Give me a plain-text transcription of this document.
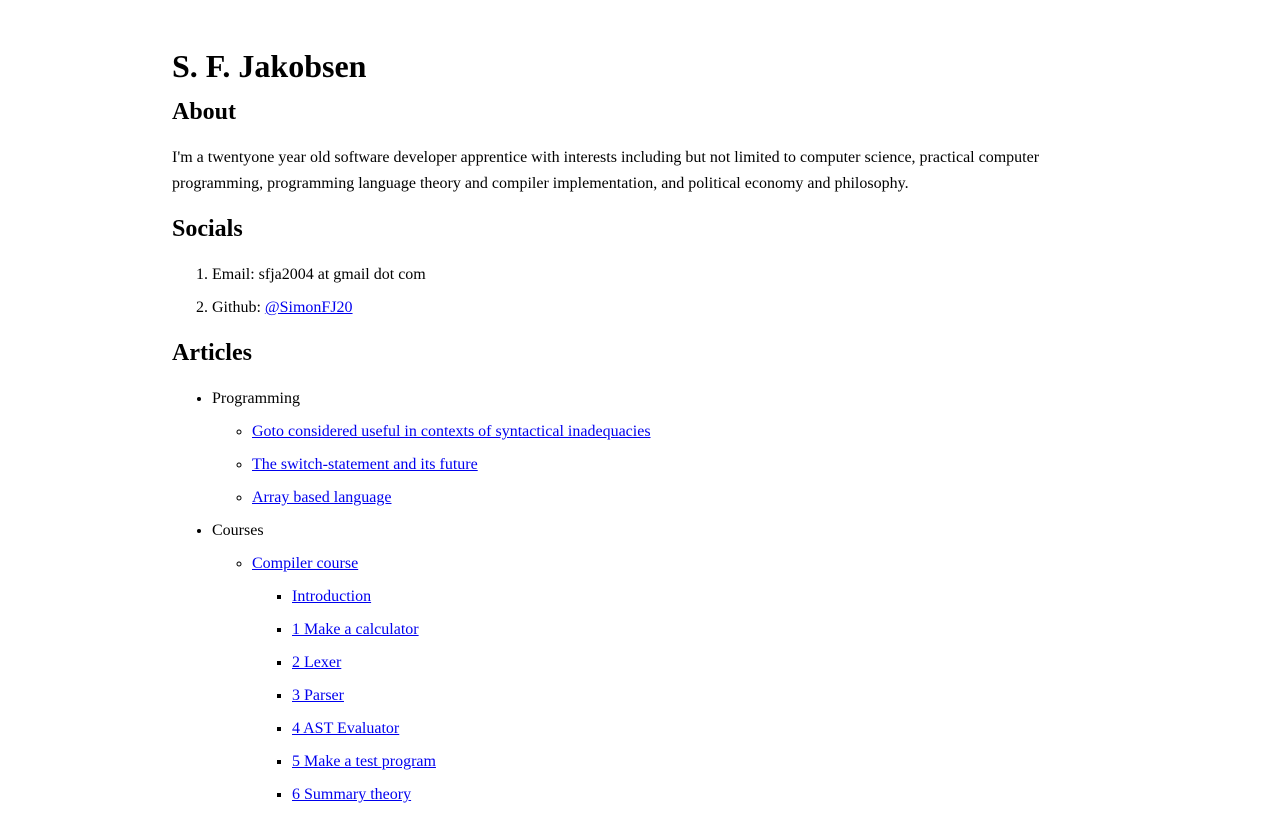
S. F. Jakobsen
About

I'm a twentyone year old software developer apprentice with interests including but not limited to computer science, practical computer programming, programming language theory and compiler implementation, and political economy and philosophy.

Socials
1. Email: sfja2004 at gmail dot com
2. Github: @SimonFJ20
Articles
• Programming
◦ Goto considered useful in contexts of syntactical inadequacies
◦ The switch-statement and its future
◦ Array based language
• Courses
◦ Compiler course
▪ Introduction
▪ 1 Make a calculator
▪ 2 Lexer
▪ 3 Parser
▪ 4 AST Evaluator
▪ 5 Make a test program
▪ 6 Summary theory
